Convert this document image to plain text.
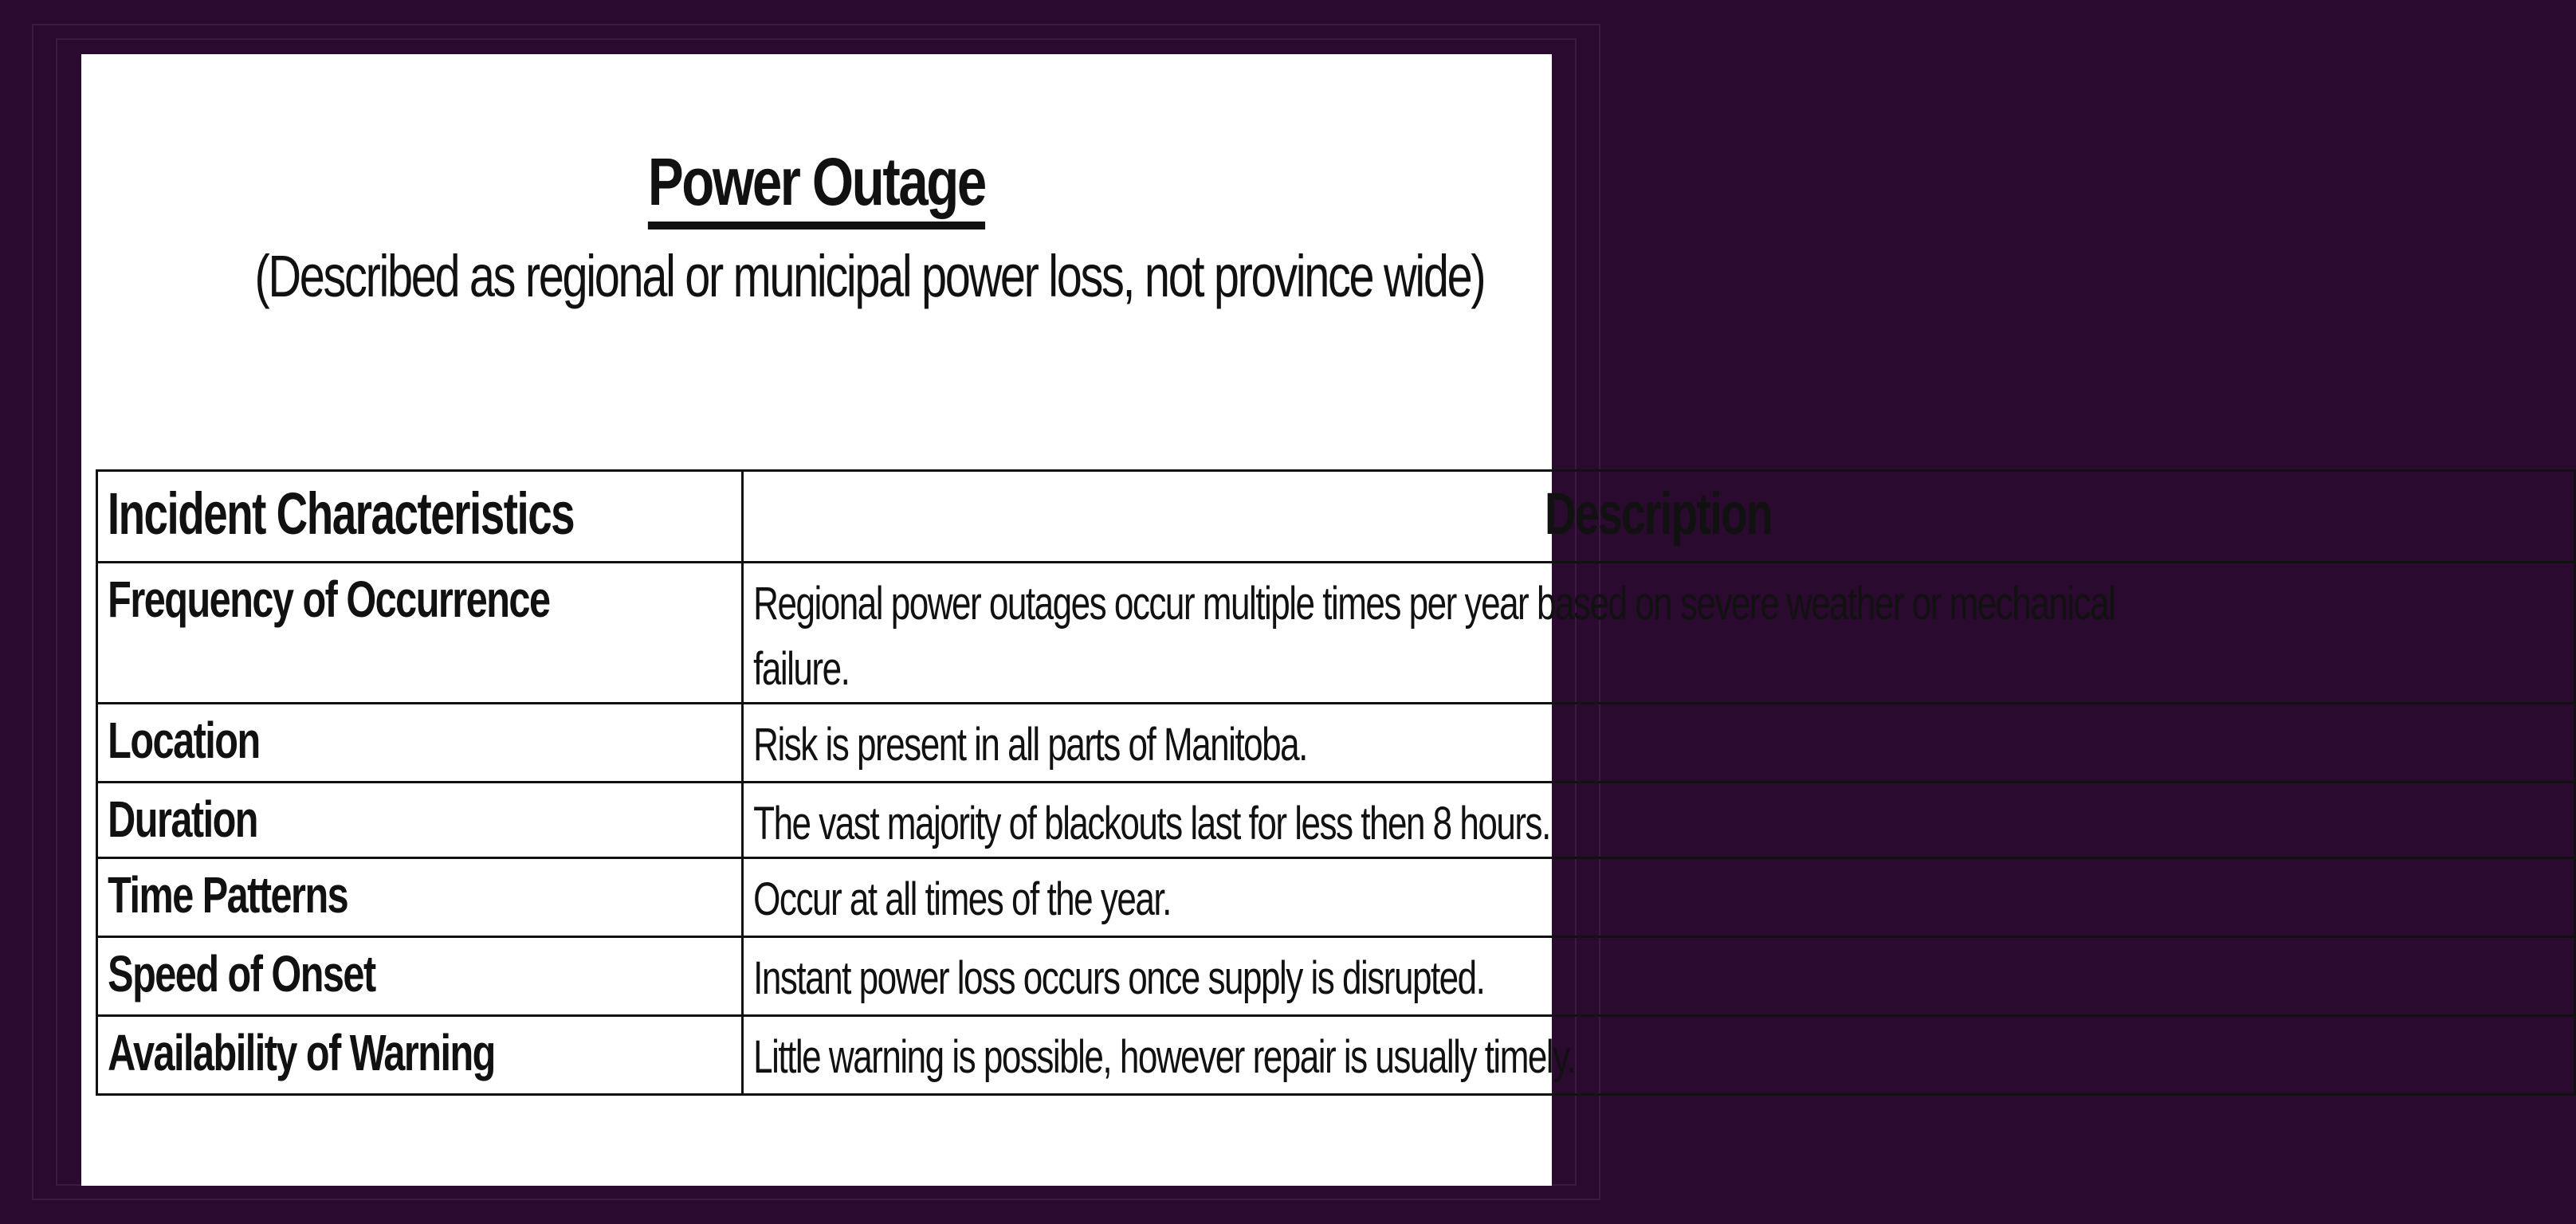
Power Outage
(Described as regional or municipal power loss, not province wide)
Incident Characteristics	Description

Frequency of Occurrence	Regional power outages occur multiple times per year based on severe weather or mechanical failure.

Location	Risk is present in all parts of Manitoba.

Duration	The vast majority of blackouts last for less then 8 hours.

Time Patterns	Occur at all times of the year.

Speed of Onset	Instant power loss occurs once supply is disrupted.

Availability of Warning	Little warning is possible, however repair is usually timely.
